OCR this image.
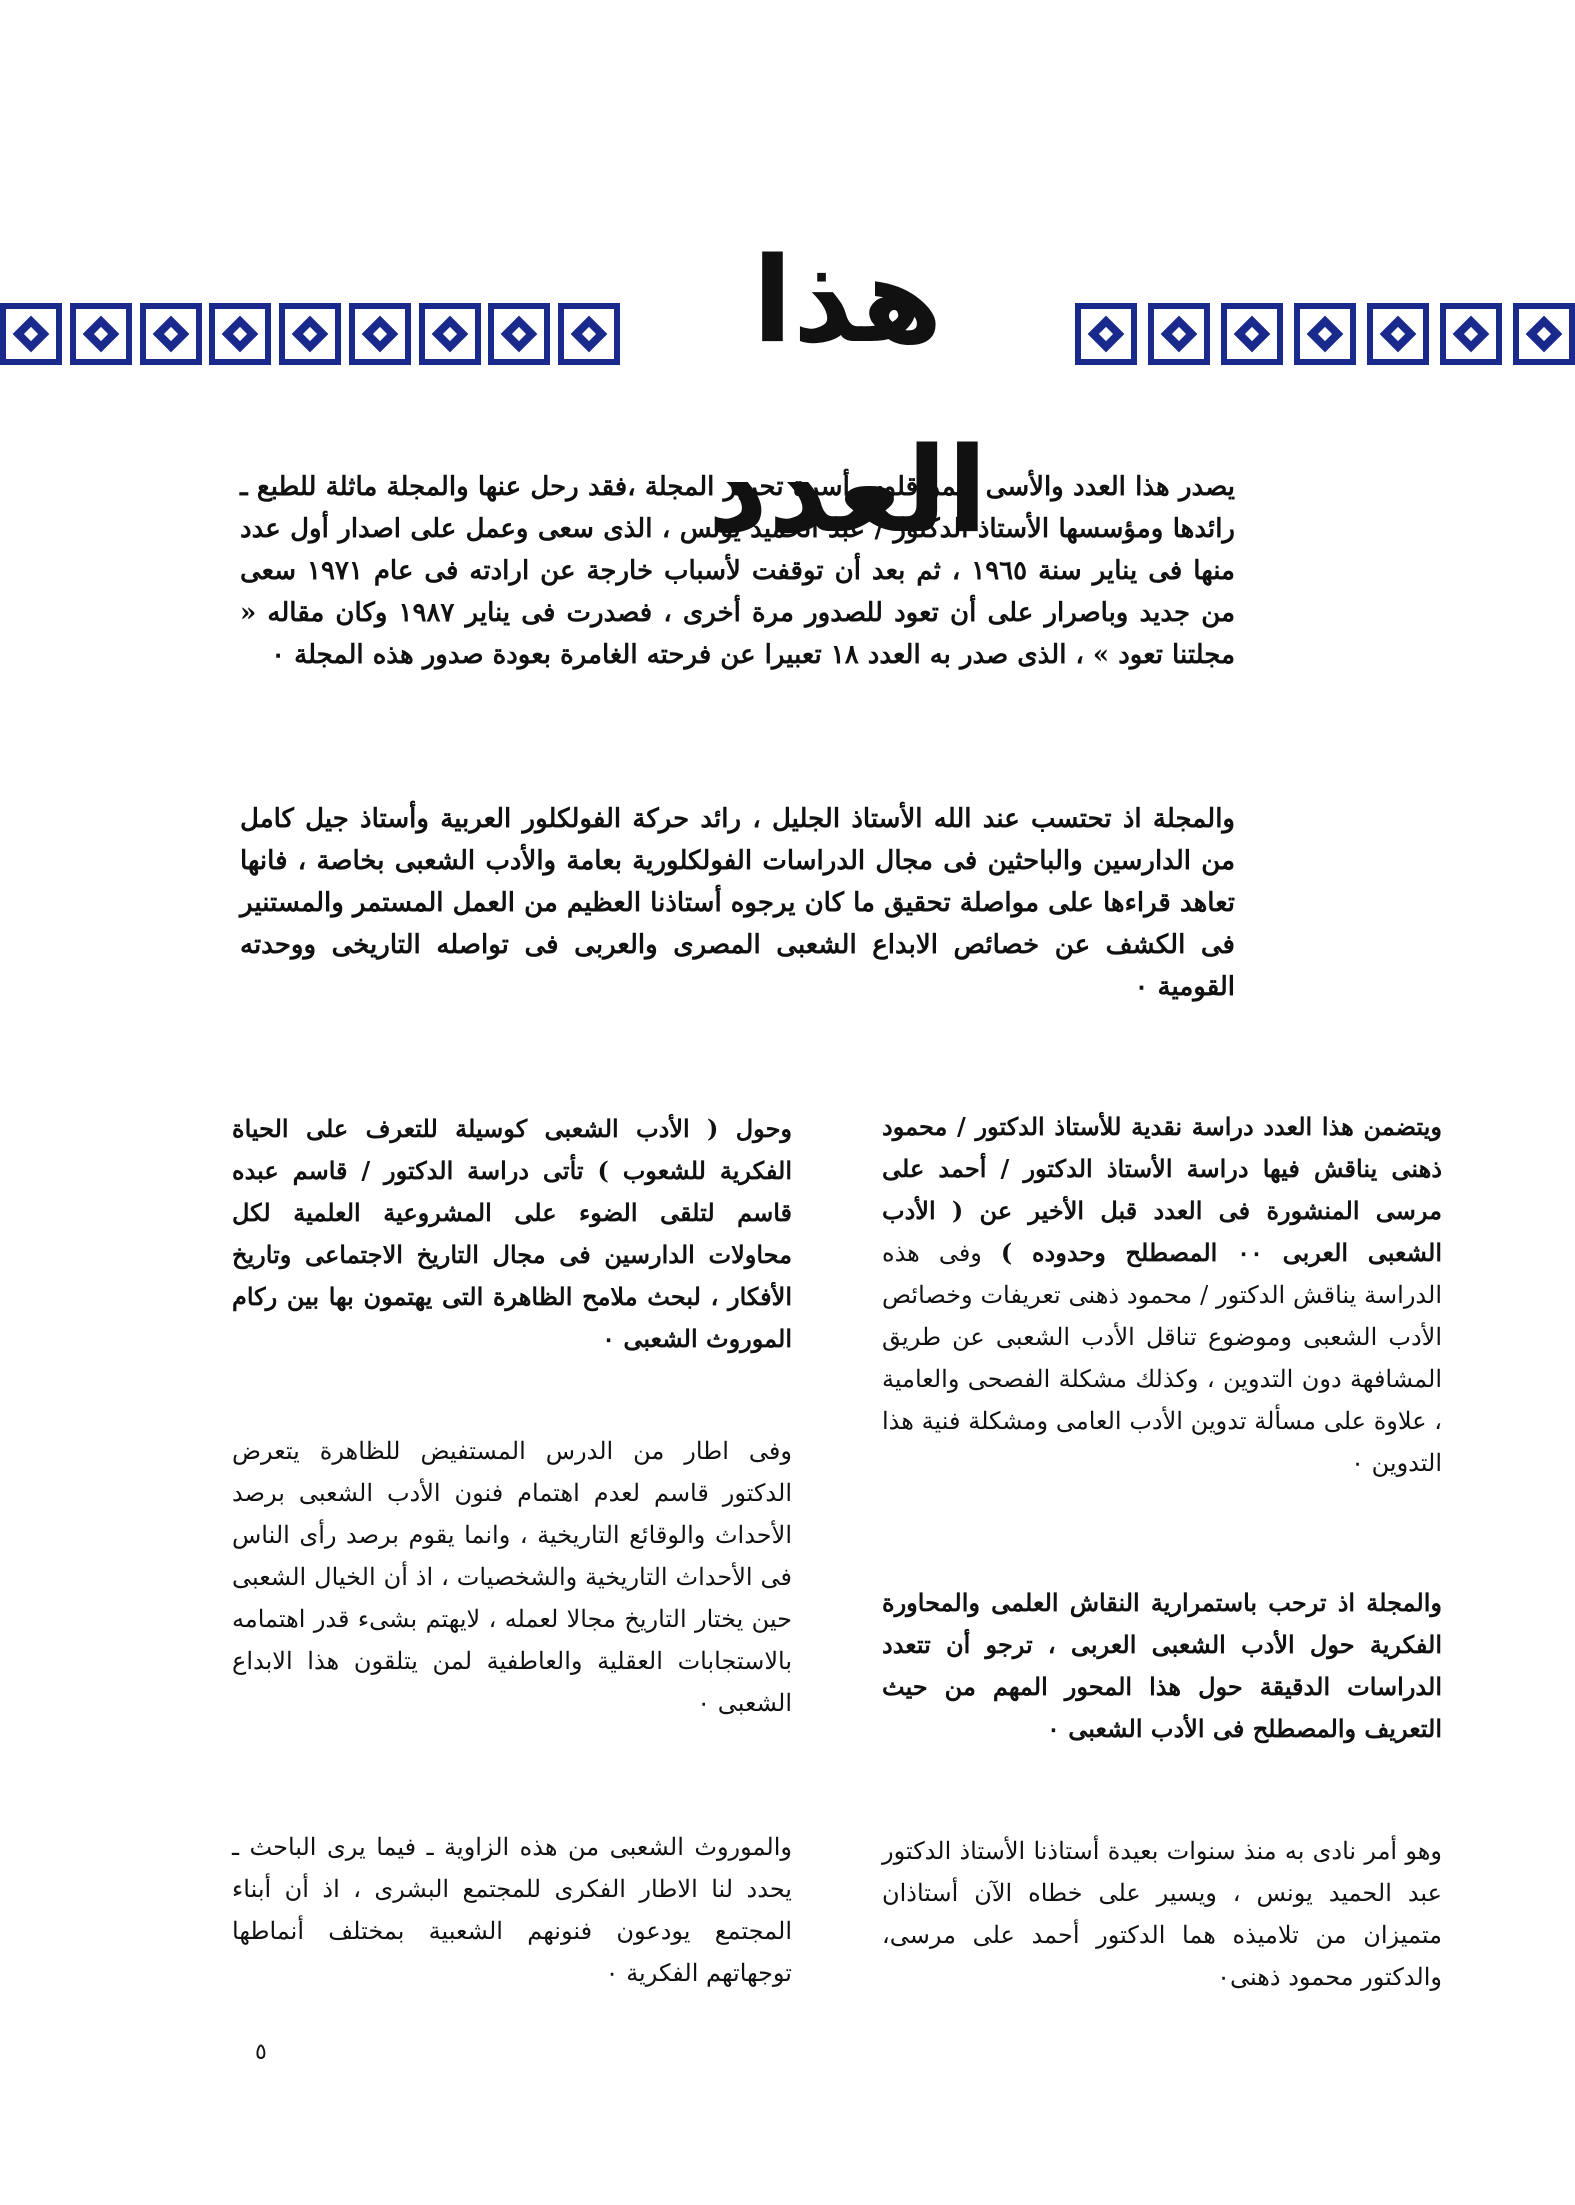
هذا العدد

يصدر هذا العدد والأسى يغمر قلوب أسرة تحرير المجلة ،فقد رحل عنها والمجلة ماثلة للطبع ـ رائدها ومؤسسها الأستاذ الدكتور / عبد الحميد يونس ، الذى سعى وعمل على اصدار أول عدد منها فى يناير سنة ١٩٦٥ ، ثم بعد أن توقفت لأسباب خارجة عن ارادته فى عام ١٩٧١ سعى من جديد وباصرار على أن تعود للصدور مرة أخرى ، فصدرت فى يناير ١٩٨٧ وكان مقاله « مجلتنا تعود » ، الذى صدر به العدد ١٨ تعبيرا عن فرحته الغامرة بعودة صدور هذه المجلة ٠

والمجلة اذ تحتسب عند الله الأستاذ الجليل ، رائد حركة الفولكلور العربية وأستاذ جيل كامل من الدارسين والباحثين فى مجال الدراسات الفولكلورية بعامة والأدب الشعبى بخاصة ، فانها تعاهد قراءها على مواصلة تحقيق ما كان يرجوه أستاذنا العظيم من العمل المستمر والمستنير فى الكشف عن خصائص الابداع الشعبى المصرى والعربى فى تواصله التاريخى ووحدته القومية ٠

ويتضمن هذا العدد دراسة نقدية للأستاذ الدكتور / محمود ذهنى يناقش فيها دراسة الأستاذ الدكتور / أحمد على مرسى المنشورة فى العدد قبل الأخير عن ( الأدب الشعبى العربى ٠٠ المصطلح وحدوده ) وفى هذه الدراسة يناقش الدكتور / محمود ذهنى تعريفات وخصائص الأدب الشعبى وموضوع تناقل الأدب الشعبى عن طريق المشافهة دون التدوين ، وكذلك مشكلة الفصحى والعامية ، علاوة على مسألة تدوين الأدب العامى ومشكلة فنية هذا التدوين ٠

والمجلة اذ ترحب باستمرارية النقاش العلمى والمحاورة الفكرية حول الأدب الشعبى العربى ، ترجو أن تتعدد الدراسات الدقيقة حول هذا المحور المهم من حيث التعريف والمصطلح فى الأدب الشعبى ٠

وهو أمر نادى به منذ سنوات بعيدة أستاذنا الأستاذ الدكتور عبد الحميد يونس ، ويسير على خطاه الآن أستاذان متميزان من تلاميذه هما الدكتور أحمد على مرسى، والدكتور محمود ذهنى٠

وحول ( الأدب الشعبى كوسيلة للتعرف على الحياة الفكرية للشعوب ) تأتى دراسة الدكتور / قاسم عبده قاسم لتلقى الضوء على المشروعية العلمية لكل محاولات الدارسين فى مجال التاريخ الاجتماعى وتاريخ الأفكار ، لبحث ملامح الظاهرة التى يهتمون بها بين ركام الموروث الشعبى ٠

وفى اطار من الدرس المستفيض للظاهرة يتعرض الدكتور قاسم لعدم اهتمام فنون الأدب الشعبى برصد الأحداث والوقائع التاريخية ، وانما يقوم برصد رأى الناس فى الأحداث التاريخية والشخصيات ، اذ أن الخيال الشعبى حين يختار التاريخ مجالا لعمله ، لايهتم بشىء قدر اهتمامه بالاستجابات العقلية والعاطفية لمن يتلقون هذا الابداع الشعبى ٠

والموروث الشعبى من هذه الزاوية ـ فيما يرى الباحث ـ يحدد لنا الاطار الفكرى للمجتمع البشرى ، اذ أن أبناء المجتمع يودعون فنونهم الشعبية بمختلف أنماطها توجهاتهم الفكرية ٠

٥
